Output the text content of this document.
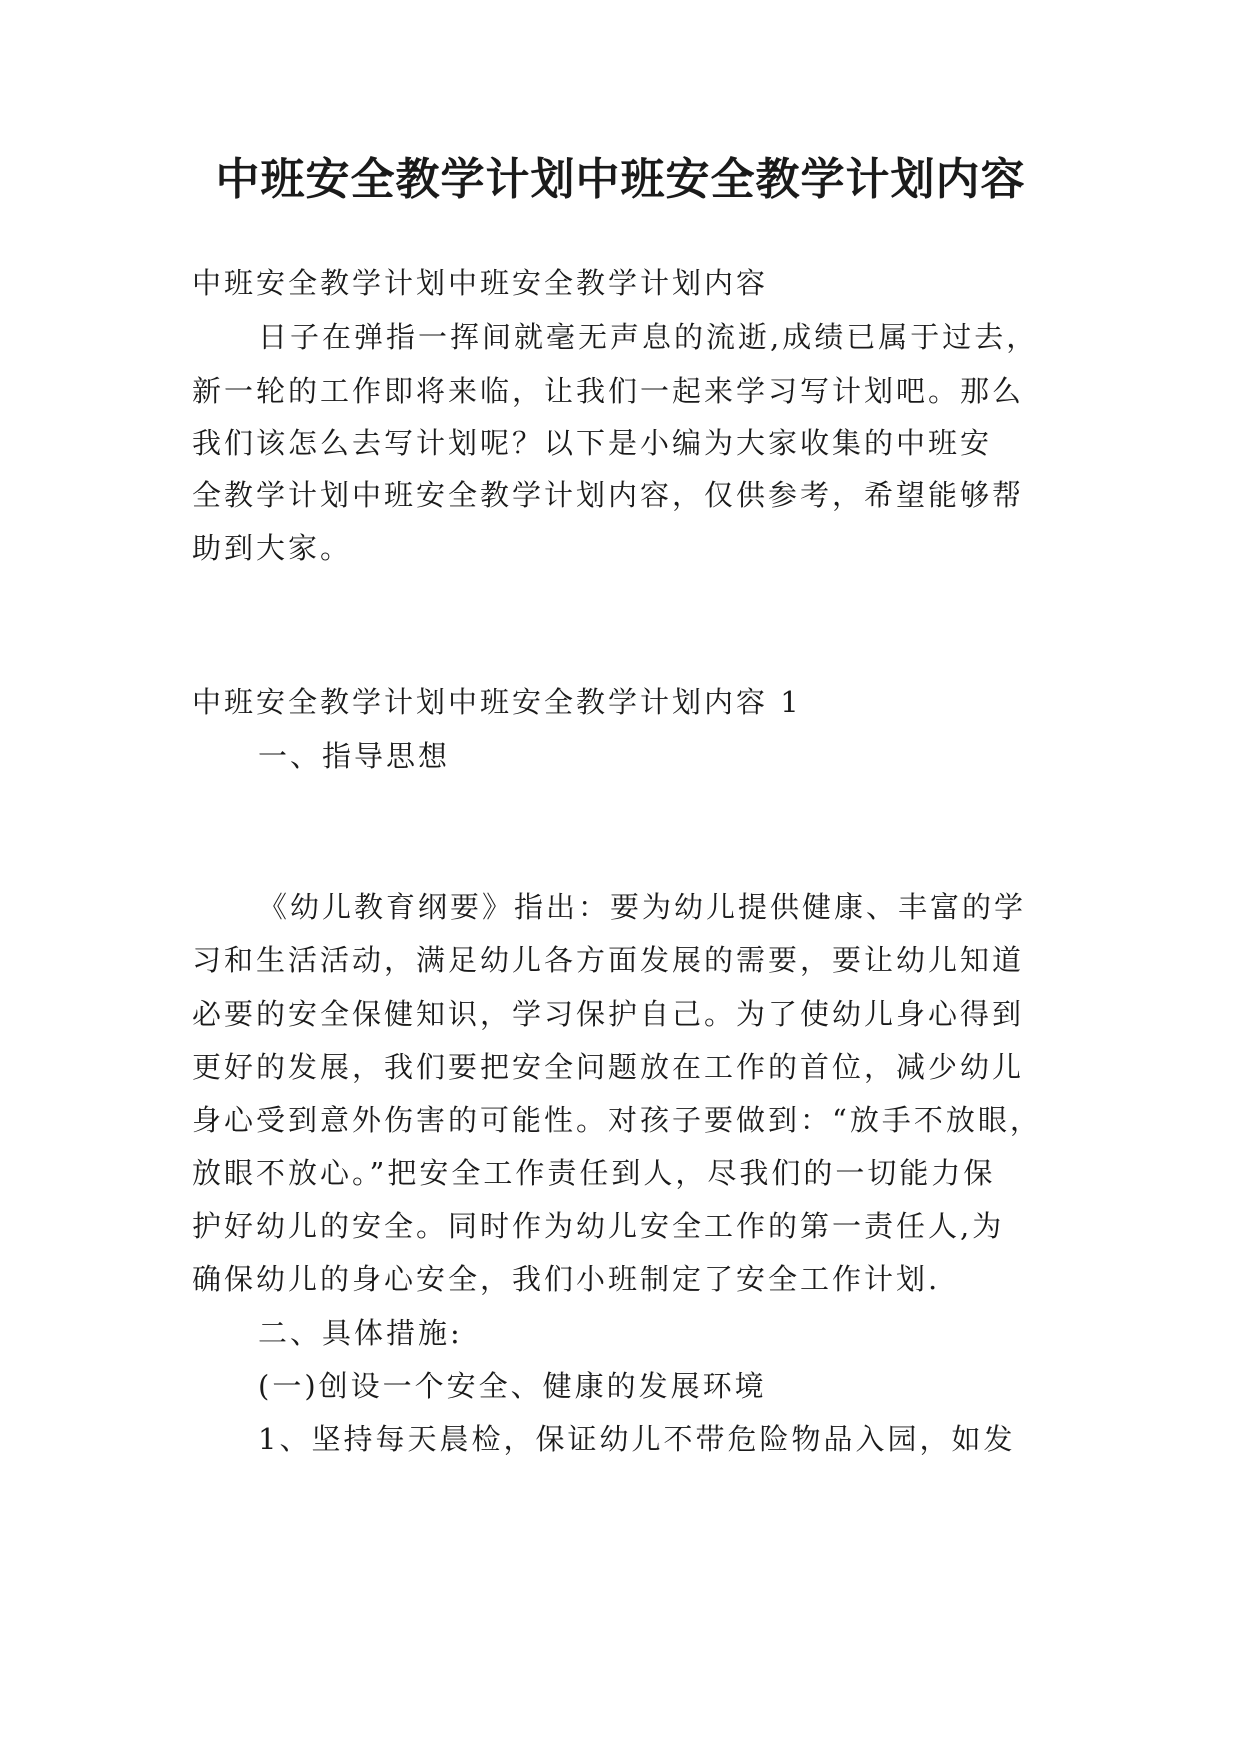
中班安全教学计划中班安全教学计划内容

中班安全教学计划中班安全教学计划内容

日子在弹指一挥间就毫无声息的流逝,成绩已属于过去，

新一轮的工作即将来临，让我们一起来学习写计划吧。那么

我们该怎么去写计划呢？以下是小编为大家收集的中班安

全教学计划中班安全教学计划内容，仅供参考，希望能够帮

助到大家。

中班安全教学计划中班安全教学计划内容 1

一、指导思想

《幼儿教育纲要》指出：要为幼儿提供健康、丰富的学

习和生活活动，满足幼儿各方面发展的需要，要让幼儿知道

必要的安全保健知识，学习保护自己。为了使幼儿身心得到

更好的发展，我们要把安全问题放在工作的首位，减少幼儿

身心受到意外伤害的可能性。对孩子要做到：“放手不放眼，

放眼不放心。”把安全工作责任到人，尽我们的一切能力保

护好幼儿的安全。同时作为幼儿安全工作的第一责任人,为

确保幼儿的身心安全，我们小班制定了安全工作计划.

二、具体措施:

(一)创设一个安全、健康的发展环境

1、坚持每天晨检，保证幼儿不带危险物品入园，如发
